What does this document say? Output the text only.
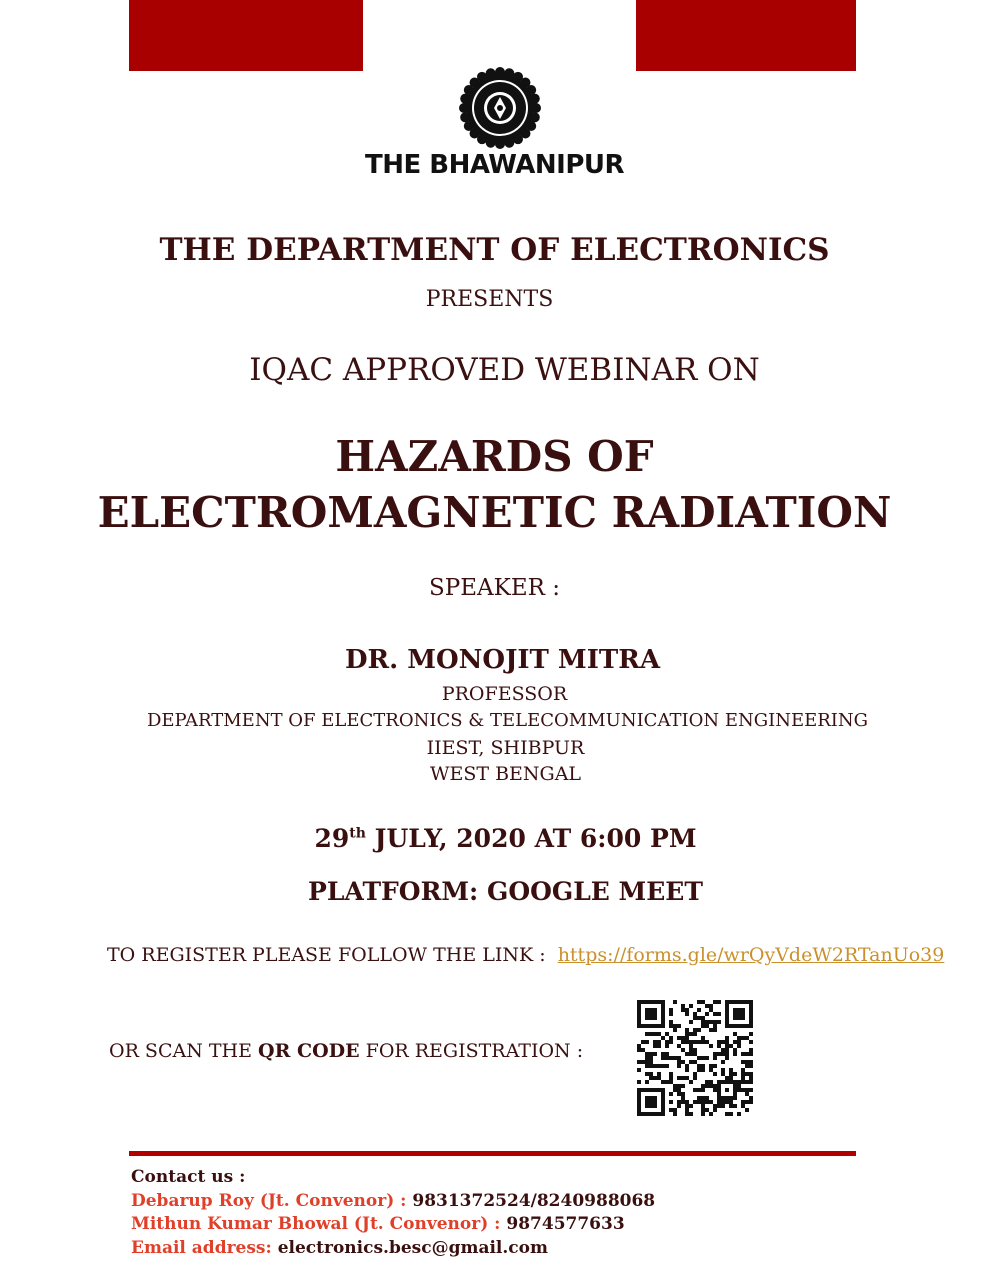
THE BHAWANIPUR
THE DEPARTMENT OF ELECTRONICS
PRESENTS
IQAC APPROVED WEBINAR ON
HAZARDS OF
ELECTROMAGNETIC RADIATION
SPEAKER :
DR. MONOJIT MITRA
PROFESSOR
DEPARTMENT OF ELECTRONICS & TELECOMMUNICATION ENGINEERING
IIEST, SHIBPUR
WEST BENGAL
29th JULY, 2020 AT 6:00 PM
PLATFORM: GOOGLE MEET
TO REGISTER PLEASE FOLLOW THE LINK : https://forms.gle/wrQyVdeW2RTanUo39
OR SCAN THE QR CODE FOR REGISTRATION :
Contact us :
Debarup Roy (Jt. Convenor) : 9831372524/8240988068
Mithun Kumar Bhowal (Jt. Convenor) : 9874577633
Email address: electronics.besc@gmail.com
